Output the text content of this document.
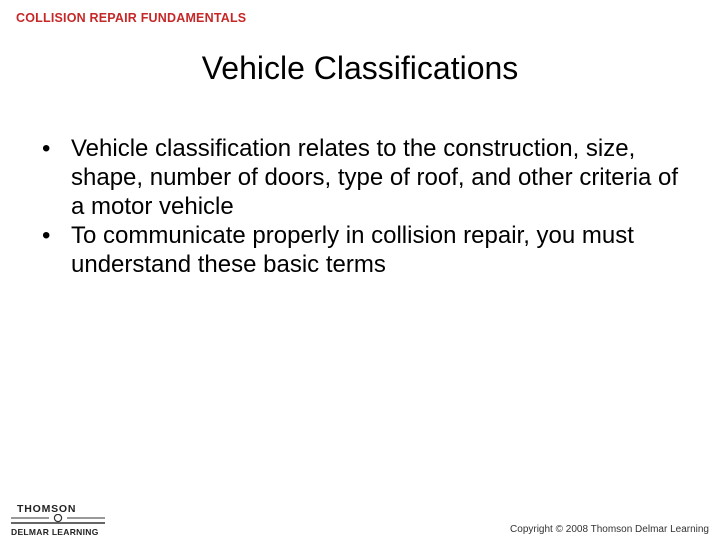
COLLISION REPAIR FUNDAMENTALS
Vehicle Classifications
• Vehicle classification relates to the construction, size, shape, number of doors, type of roof, and other criteria of a motor vehicle
• To communicate properly in collision repair, you must understand these basic terms
THOMSON
DELMAR LEARNING	Copyright © 2008 Thomson Delmar Learning
